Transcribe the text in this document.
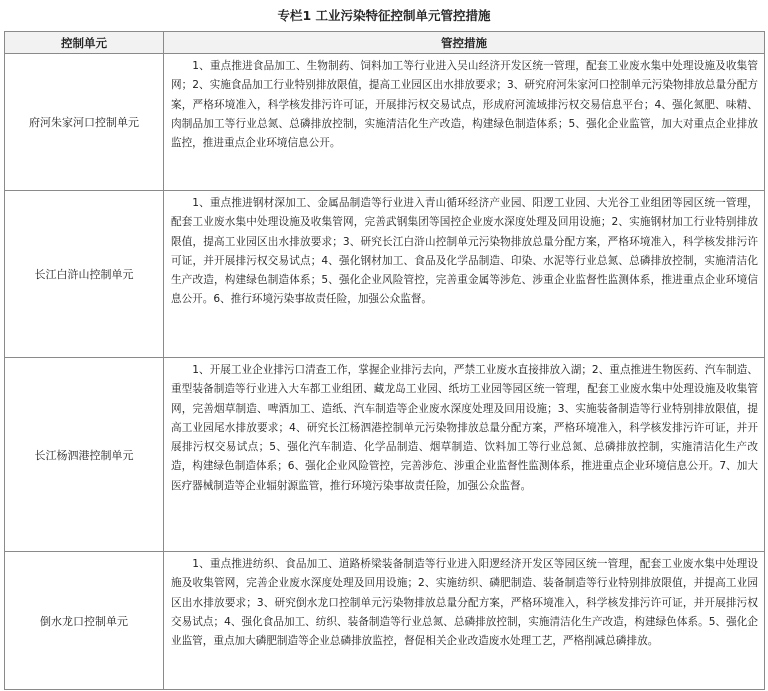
专栏1 工业污染特征控制单元管控措施
控制单元	管控措施
府河朱家河口控制单元	1、重点推进食品加工、生物制药、饲料加工等行业进入吴山经济开发区统一管理，配套工业废水集中处理设施及收集管网；2、实施食品加工行业特别排放限值，提高工业园区出水排放要求；3、研究府河朱家河口控制单元污染物排放总量分配方案，严格环境准入，科学核发排污许可证，开展排污权交易试点，形成府河流域排污权交易信息平台；4、强化氮肥、味精、肉制品加工等行业总氮、总磷排放控制，实施清洁化生产改造，构建绿色制造体系；5、强化企业监管，加大对重点企业排放监控，推进重点企业环境信息公开。
长江白浒山控制单元	1、重点推进钢材深加工、金属品制造等行业进入青山循环经济产业园、阳逻工业园、大光谷工业组团等园区统一管理，配套工业废水集中处理设施及收集管网，完善武钢集团等国控企业废水深度处理及回用设施；2、实施钢材加工行业特别排放限值，提高工业园区出水排放要求；3、研究长江白浒山控制单元污染物排放总量分配方案，严格环境准入，科学核发排污许可证，并开展排污权交易试点；4、强化钢材加工、食品及化学品制造、印染、水泥等行业总氮、总磷排放控制，实施清洁化生产改造，构建绿色制造体系；5、强化企业风险管控，完善重金属等涉危、涉重企业监督性监测体系，推进重点企业环境信息公开。6、推行环境污染事故责任险，加强公众监督。
长江杨泗港控制单元	1、开展工业企业排污口清查工作，掌握企业排污去向，严禁工业废水直接排放入湖；2、重点推进生物医药、汽车制造、重型装备制造等行业进入大车都工业组团、藏龙岛工业园、纸坊工业园等园区统一管理，配套工业废水集中处理设施及收集管网，完善烟草制造、啤酒加工、造纸、汽车制造等企业废水深度处理及回用设施；3、实施装备制造等行业特别排放限值，提高工业园尾水排放要求；4、研究长江杨泗港控制单元污染物排放总量分配方案，严格环境准入，科学核发排污许可证，并开展排污权交易试点；5、强化汽车制造、化学品制造、烟草制造、饮料加工等行业总氮、总磷排放控制，实施清洁化生产改造，构建绿色制造体系；6、强化企业风险管控，完善涉危、涉重企业监督性监测体系，推进重点企业环境信息公开。7、加大医疗器械制造等企业辐射源监管，推行环境污染事故责任险，加强公众监督。
倒水龙口控制单元	1、重点推进纺织、食品加工、道路桥梁装备制造等行业进入阳逻经济开发区等园区统一管理，配套工业废水集中处理设施及收集管网，完善企业废水深度处理及回用设施；2、实施纺织、磷肥制造、装备制造等行业特别排放限值，并提高工业园区出水排放要求；3、研究倒水龙口控制单元污染物排放总量分配方案，严格环境准入，科学核发排污许可证，并开展排污权交易试点；4、强化食品加工、纺织、装备制造等行业总氮、总磷排放控制，实施清洁化生产改造，构建绿色体系。5、强化企业监管，重点加大磷肥制造等企业总磷排放监控，督促相关企业改造废水处理工艺，严格削减总磷排放。
